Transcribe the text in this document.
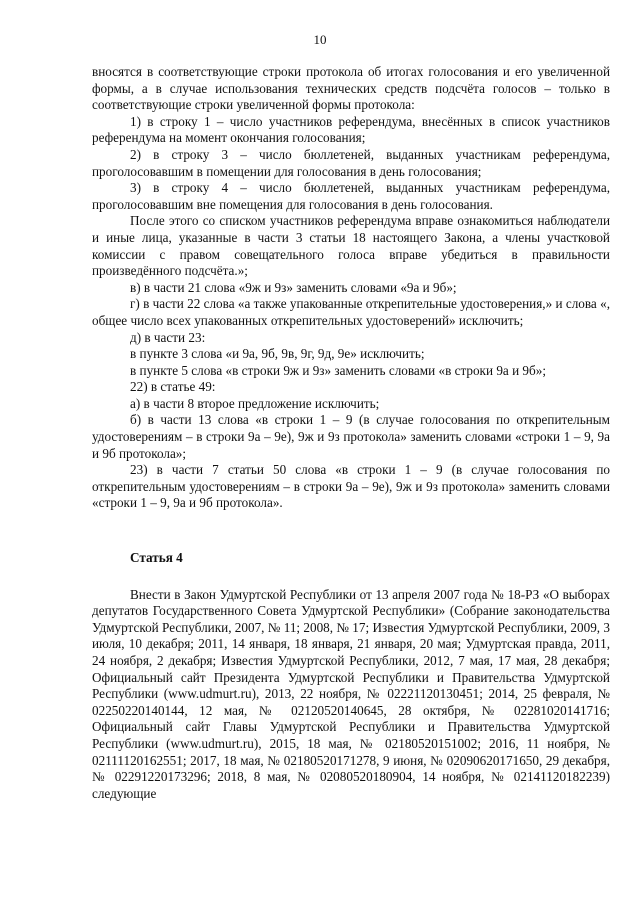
10

вносятся в соответствующие строки протокола об итогах голосования и его увеличенной формы, а в случае использования технических средств подсчёта голосов – только в соответствующие строки увеличенной формы протокола:

1) в строку 1 – число участников референдума, внесённых в список участников референдума на момент окончания голосования;

2) в строку 3 – число бюллетеней, выданных участникам референдума, проголосовавшим в помещении для голосования в день голосования;

3) в строку 4 – число бюллетеней, выданных участникам референдума, проголосовавшим вне помещения для голосования в день голосования.

После этого со списком участников референдума вправе ознакомиться наблюдатели и иные лица, указанные в части 3 статьи 18 настоящего Закона, а члены участковой комиссии с правом совещательного голоса вправе убедиться в правильности произведённого подсчёта.»;

в) в части 21 слова «9ж и 9з» заменить словами «9а и 9б»;

г) в части 22 слова «а также упакованные открепительные удостоверения,» и слова «, общее число всех упакованных открепительных удостоверений» исключить;

д) в части 23:

в пункте 3 слова «и 9а, 9б, 9в, 9г, 9д, 9е» исключить;

в пункте 5 слова «в строки 9ж и 9з» заменить словами «в строки 9а и 9б»;

22) в статье 49:

а) в части 8 второе предложение исключить;

б) в части 13 слова «в строки 1 – 9 (в случае голосования по открепительным удостоверениям – в строки 9а – 9е), 9ж и 9з протокола» заменить словами «строки 1 – 9, 9а и 9б протокола»;

23) в части 7 статьи 50 слова «в строки 1 – 9 (в случае голосования по открепительным удостоверениям – в строки 9а – 9е), 9ж и 9з протокола» заменить словами «строки 1 – 9, 9а и 9б протокола».

Статья 4

Внести в Закон Удмуртской Республики от 13 апреля 2007 года № 18-РЗ «О выборах депутатов Государственного Совета Удмуртской Республики» (Собрание законодательства Удмуртской Республики, 2007, № 11; 2008, № 17; Известия Удмуртской Республики, 2009, 3 июля, 10 декабря; 2011, 14 января, 18 января, 21 января, 20 мая; Удмуртская правда, 2011, 24 ноября, 2 декабря; Известия Удмуртской Республики, 2012, 7 мая, 17 мая, 28 декабря; Официальный сайт Президента Удмуртской Республики и Правительства Удмуртской Республики (www.udmurt.ru), 2013, 22 ноября, № 02221120130451; 2014, 25 февраля, № 02250220140144, 12 мая, № 02120520140645, 28 октября, № 02281020141716; Официальный сайт Главы Удмуртской Республики и Правительства Удмуртской Республики (www.udmurt.ru), 2015, 18 мая, № 02180520151002; 2016, 11 ноября, № 02111120162551; 2017, 18 мая, № 02180520171278, 9 июня, № 02090620171650, 29 декабря, № 02291220173296; 2018, 8 мая, № 02080520180904, 14 ноября, № 02141120182239) следующие
